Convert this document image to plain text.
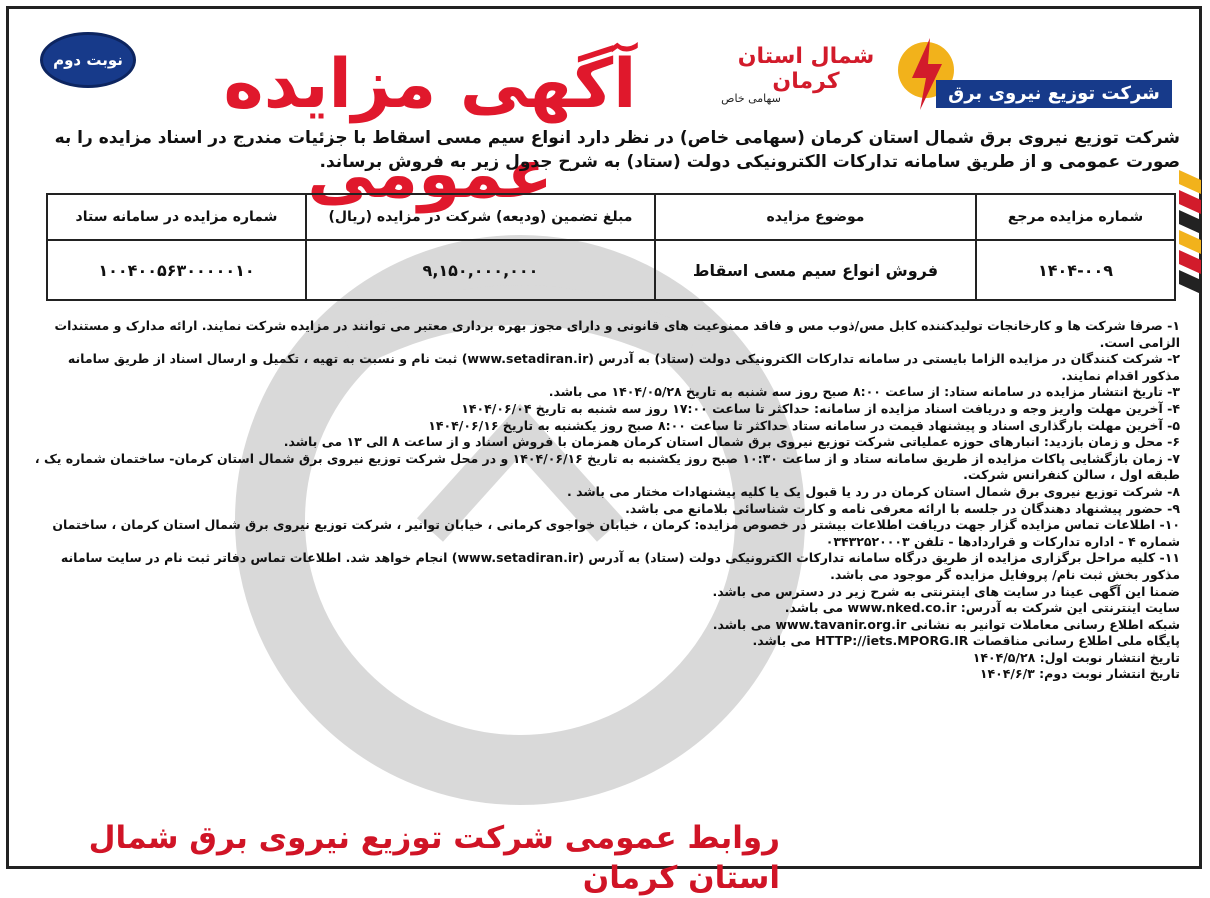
نوبت دوم	آگهی مزایده عمومی
شمال استان کرمان
سهامی خاص	شرکت توزیع نیروی برق
شرکت توزیع نیروی برق شمال استان کرمان (سهامی خاص) در نظر دارد انواع سیم مسی اسقاط با جزئیات مندرج در اسناد مزایده را به صورت عمومی و از طریق سامانه تدارکات الکترونیکی دولت (ستاد) به شرح جدول زیر به فروش برساند.
شماره مزایده مرجع	موضوع مزایده	مبلغ تضمین (ودیعه) شرکت در مزایده (ریال)	شماره مزایده در سامانه ستاد
۱۴۰۴-۰۰۹	فروش انواع سیم مسی اسقاط	۹,۱۵۰,۰۰۰,۰۰۰	۱۰۰۴۰۰۵۶۳۰۰۰۰۰۱۰
۱- صرفا شرکت ها و کارخانجات تولیدکننده کابل مس/ذوب مس و فاقد ممنوعیت های قانونی و دارای مجوز بهره برداری معتبر می توانند در مزایده شرکت نمایند. ارائه مدارک و مستندات الزامی است.
۲- شرکت کنندگان در مزایده الزاما بایستی در سامانه تدارکات الکترونیکی دولت (ستاد) به آدرس (www.setadiran.ir) ثبت نام و نسبت به تهیه ، تکمیل و ارسال اسناد از طریق سامانه مذکور اقدام نمایند.
۳- تاریخ انتشار مزایده در سامانه ستاد: از ساعت ۸:۰۰ صبح روز سه شنبه به تاریخ ۱۴۰۴/۰۵/۲۸ می باشد.
۴- آخرین مهلت واریز وجه و دریافت اسناد مزایده از سامانه: حداکثر تا ساعت ۱۷:۰۰ روز سه شنبه به تاریخ ۱۴۰۴/۰۶/۰۴
۵- آخرین مهلت بارگذاری اسناد و پیشنهاد قیمت در سامانه ستاد حداکثر تا ساعت ۸:۰۰ صبح روز یکشنبه به تاریخ ۱۴۰۴/۰۶/۱۶
۶- محل و زمان بازدید: انبارهای حوزه عملیاتی شرکت توزیع نیروی برق شمال استان کرمان همزمان با فروش اسناد و از ساعت ۸ الی ۱۳ می باشد.
۷- زمان بازگشایی پاکات مزایده از طریق سامانه ستاد و از ساعت ۱۰:۳۰ صبح روز یکشنبه به تاریخ ۱۴۰۴/۰۶/۱۶ و در محل شرکت توزیع نیروی برق شمال استان کرمان- ساختمان شماره یک ، طبقه اول ، سالن کنفرانس شرکت.
۸- شرکت توزیع نیروی برق شمال استان کرمان در رد یا قبول یک یا کلیه پیشنهادات مختار می باشد .
۹- حضور پیشنهاد دهندگان در جلسه با ارائه معرفی نامه و کارت شناسائی بلامانع می باشد.
۱۰- اطلاعات تماس مزایده گزار جهت دریافت اطلاعات بیشتر در خصوص مزایده: کرمان ، خیابان خواجوی کرمانی ، خیابان توانیر ، شرکت توزیع نیروی برق شمال استان کرمان ، ساختمان شماره ۴ - اداره تدارکات و قراردادها - تلفن ۰۳۴۳۲۵۲۰۰۰۳
۱۱- کلیه مراحل برگزاری مزایده از طریق درگاه سامانه تدارکات الکترونیکی دولت (ستاد) به آدرس (www.setadiran.ir) انجام خواهد شد. اطلاعات تماس دفاتر ثبت نام در سایت سامانه مذکور بخش ثبت نام/ پروفایل مزایده گر موجود می باشد.
ضمنا این آگهی عینا در سایت های اینترنتی به شرح زیر در دسترس می باشد.
سایت اینترنتی این شرکت به آدرس: www.nked.co.ir می باشد.
شبکه اطلاع رسانی معاملات توانیر به نشانی www.tavanir.org.ir می باشد.
پایگاه ملی اطلاع رسانی مناقصات HTTP://iets.MPORG.IR می باشد.
تاریخ انتشار نوبت اول: ۱۴۰۴/۵/۲۸
تاریخ انتشار نوبت دوم: ۱۴۰۴/۶/۳
روابط عمومی شرکت توزیع نیروی برق شمال استان کرمان
